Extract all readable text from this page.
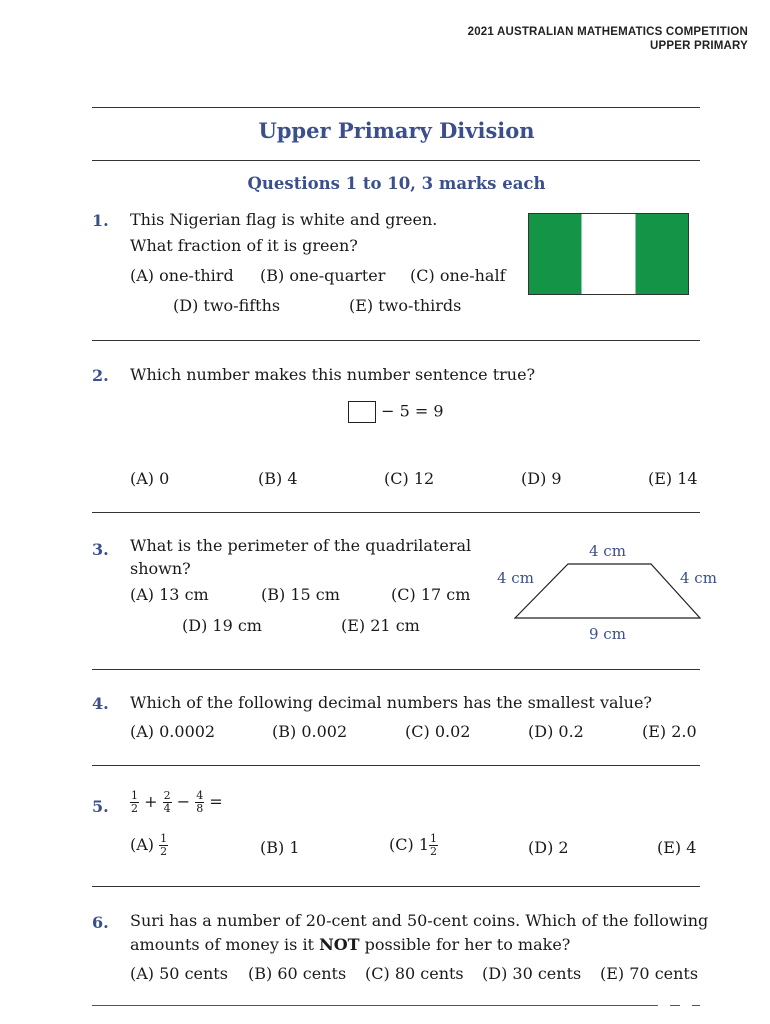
2021 AUSTRALIAN MATHEMATICS COMPETITION
UPPER PRIMARY
Upper Primary Division
Questions 1 to 10, 3 marks each
1. This Nigerian flag is white and green.
What fraction of it is green?
(A) one-third (B) one-quarter (C) one-half
(D) two-fifths	(E) two-thirds
2. Which number makes this number sentence true?
− 5 = 9
(A) 0	(B) 4	(C) 12	(D) 9	(E) 14
3. What is the perimeter of the quadrilateral
shown?
(A) 13 cm	(B) 15 cm	(C) 17 cm
(D) 19 cm	(E) 21 cm
4 cm
4 cm	4 cm
9 cm
4. Which of the following decimal numbers has the smallest value?
(A) 0.0002	(B) 0.002	(C) 0.02	(D) 0.2	(E) 2.0
5. $\frac{1}{2} + \frac{2}{4} - \frac{4}{8}$ =
$(A) \frac{1}{2}$	(B) 1	(C) $1 \frac{1}{2}$	(D) 2	(E) 4
6. Suri has a number of 20-cent and 50-cent coins. Which of the following
amounts of money is it NOT possible for her to make?
(A) 50 cents (B) 60 cents (C) 80 cents (D) 30 cents (E) 70 cents
